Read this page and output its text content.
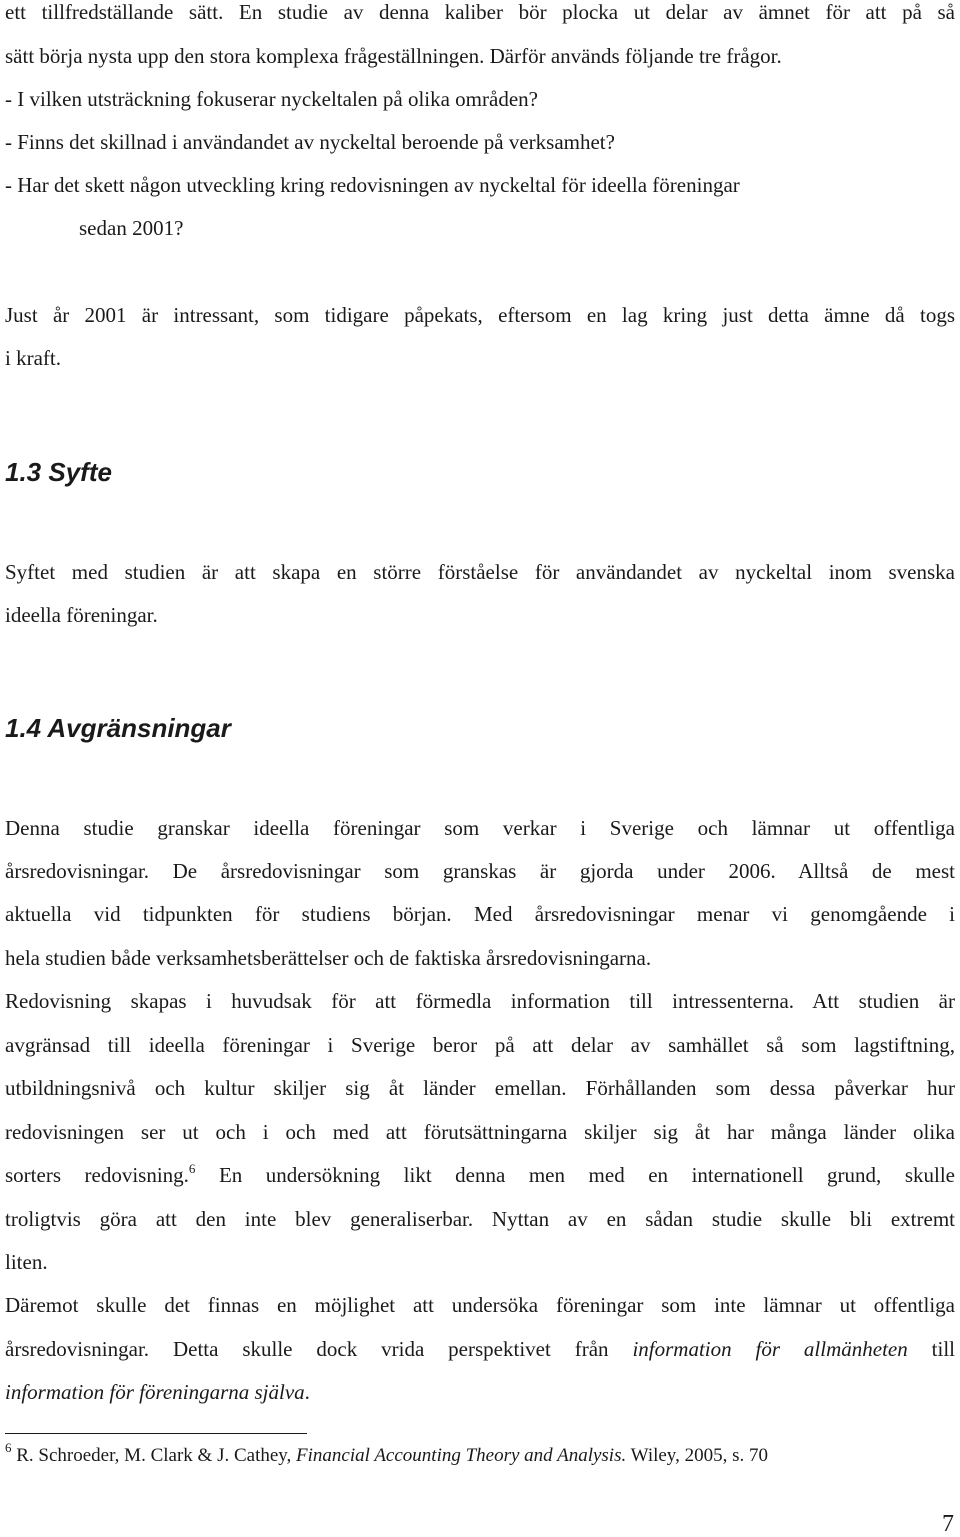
ett tillfredställande sätt. En studie av denna kaliber bör plocka ut delar av ämnet för att på så
sätt börja nysta upp den stora komplexa frågeställningen. Därför används följande tre frågor.
- I vilken utsträckning fokuserar nyckeltalen på olika områden?
- Finns det skillnad i användandet av nyckeltal beroende på verksamhet?
- Har det skett någon utveckling kring redovisningen av nyckeltal för ideella föreningar
sedan 2001?
Just år 2001 är intressant, som tidigare påpekats, eftersom en lag kring just detta ämne då togs
i kraft.
1.3 Syfte
Syftet med studien är att skapa en större förståelse för användandet av nyckeltal inom svenska
ideella föreningar.
1.4 Avgränsningar
Denna studie granskar ideella föreningar som verkar i Sverige och lämnar ut offentliga
årsredovisningar. De årsredovisningar som granskas är gjorda under 2006. Alltså de mest
aktuella vid tidpunkten för studiens början. Med årsredovisningar menar vi genomgående i
hela studien både verksamhetsberättelser och de faktiska årsredovisningarna.
Redovisning skapas i huvudsak för att förmedla information till intressenterna. Att studien är
avgränsad till ideella föreningar i Sverige beror på att delar av samhället så som lagstiftning,
utbildningsnivå och kultur skiljer sig åt länder emellan. Förhållanden som dessa påverkar hur
redovisningen ser ut och i och med att förutsättningarna skiljer sig åt har många länder olika
sorters redovisning.$^6$ En undersökning likt denna men med en internationell grund, skulle
troligtvis göra att den inte blev generaliserbar. Nyttan av en sådan studie skulle bli extremt
liten.
Däremot skulle det finnas en möjlighet att undersöka föreningar som inte lämnar ut offentliga
årsredovisningar. Detta skulle dock vrida perspektivet från information för allmänheten till
information för föreningarna själva.
$^6$ R. Schroeder, M. Clark & J. Cathey, Financial Accounting Theory and Analysis. Wiley, 2005, s. 70
7
